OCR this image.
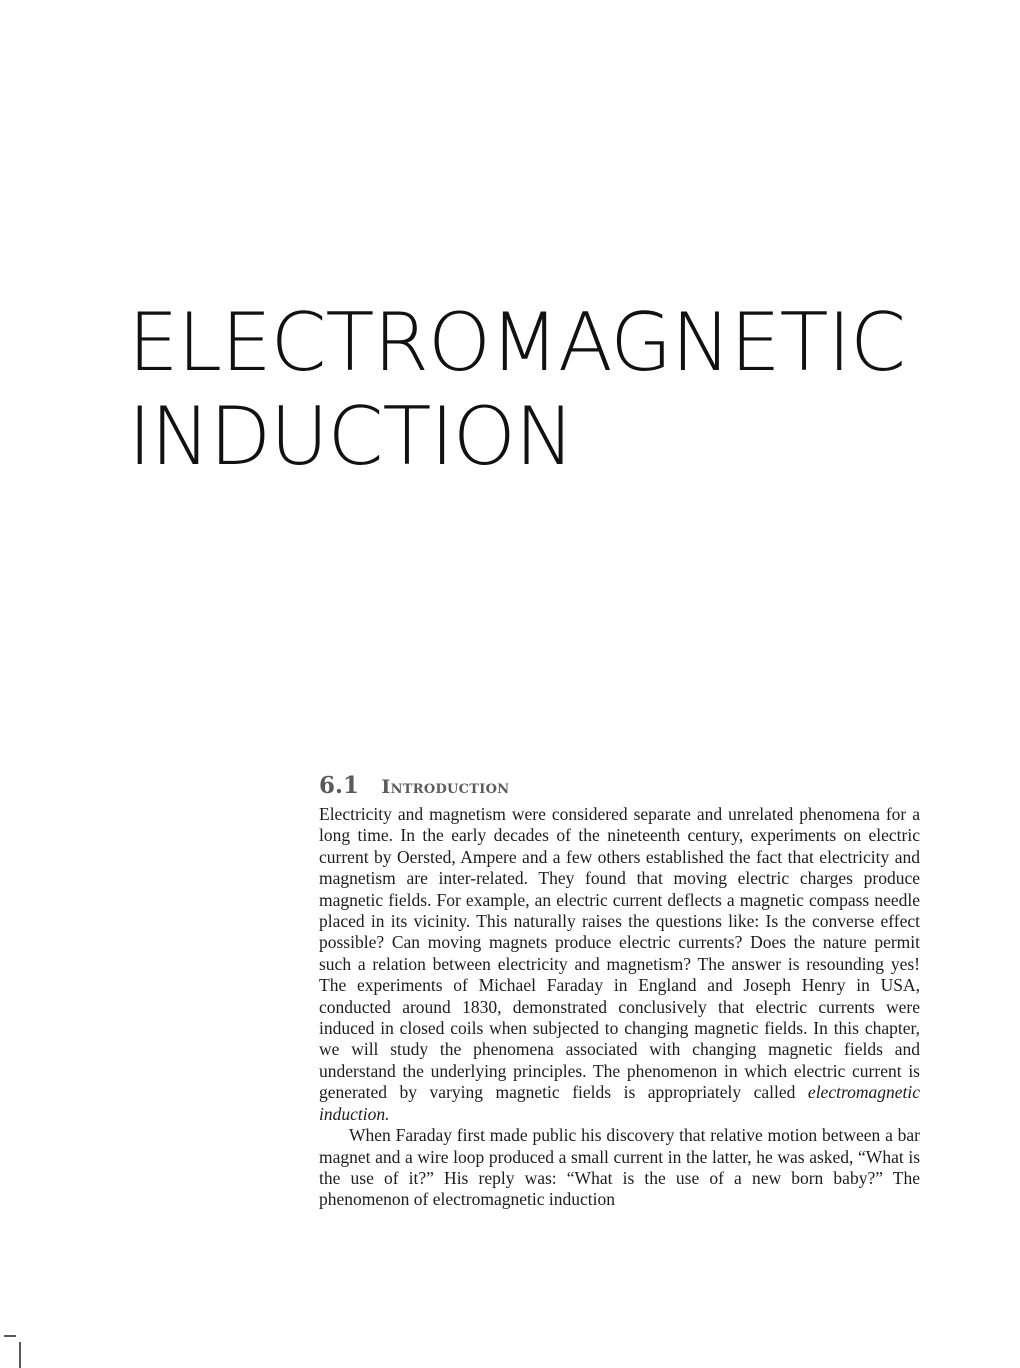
ELECTROMAGNETIC
INDUCTION
6.1 Introduction

Electricity and magnetism were considered separate and unrelated phenomena for a long time. In the early decades of the nineteenth century, experiments on electric current by Oersted, Ampere and a few others established the fact that electricity and magnetism are inter-related. They found that moving electric charges produce magnetic fields. For example, an electric current deflects a magnetic compass needle placed in its vicinity. This naturally raises the questions like: Is the converse effect possible? Can moving magnets produce electric currents? Does the nature permit such a relation between electricity and magnetism? The answer is resounding yes! The experiments of Michael Faraday in England and Joseph Henry in USA, conducted around 1830, demonstrated conclusively that electric currents were induced in closed coils when subjected to changing magnetic fields. In this chapter, we will study the phenomena associated with changing magnetic fields and understand the underlying principles. The phenomenon in which electric current is generated by varying magnetic fields is appropriately called electromagnetic induction.

When Faraday first made public his discovery that relative motion between a bar magnet and a wire loop produced a small current in the latter, he was asked, “What is the use of it?” His reply was: “What is the use of a new born baby?” The phenomenon of electromagnetic induction
